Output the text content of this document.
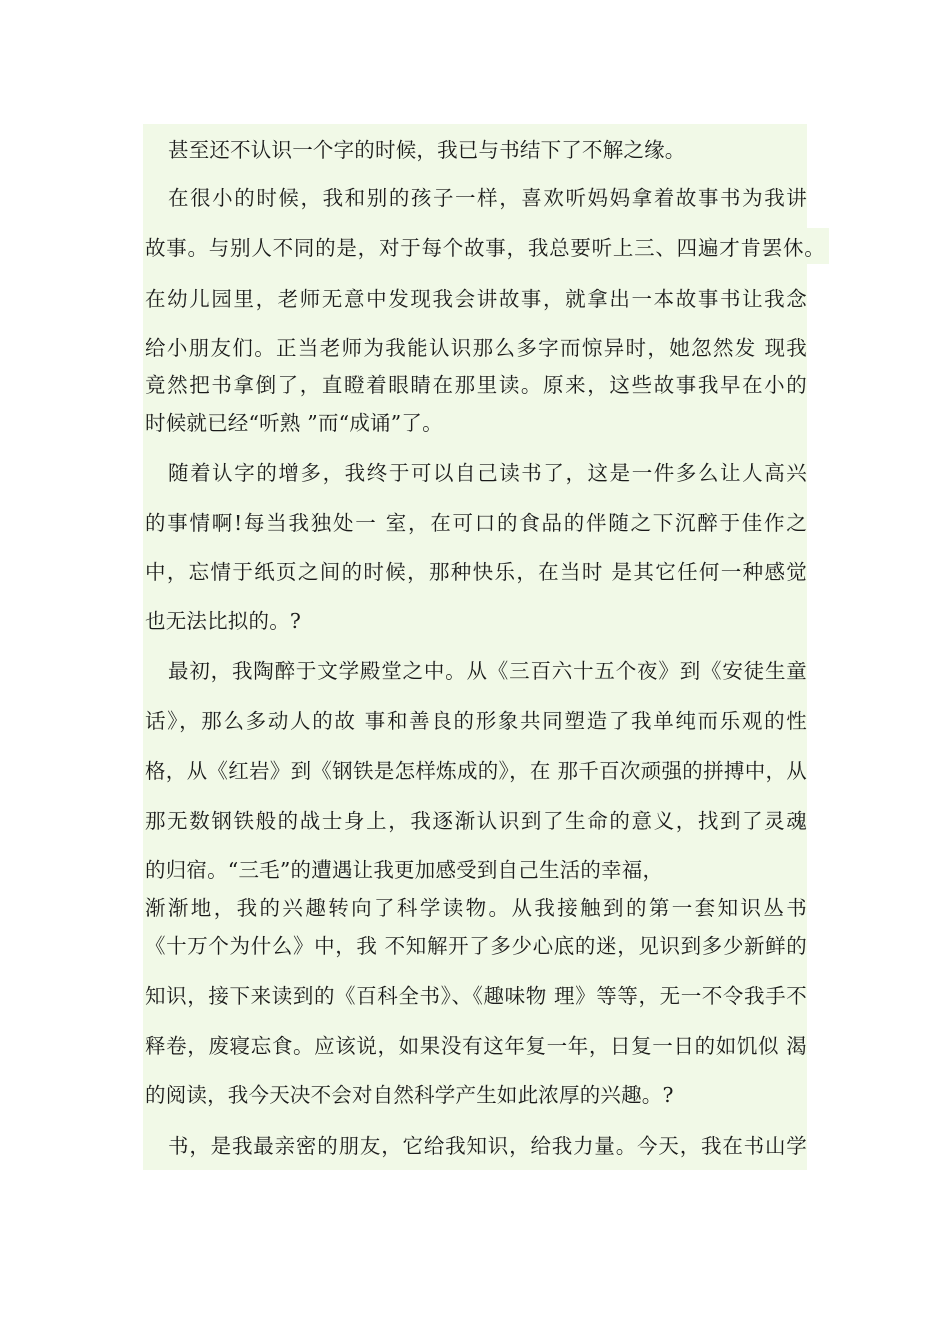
甚至还不认识一个字的时候，我已与书结下了不解之缘。
在很小的时候，我和别的孩子一样，喜欢听妈妈拿着故事书为我讲
故事。与别人不同的是，对于每个故事，我总要听上三、四遍才肯罢休。
在幼儿园里，老师无意中发现我会讲故事，就拿出一本故事书让我念
给小朋友们。正当老师为我能认识那么多字而惊异时，她忽然发 现我
竟然把书拿倒了，直瞪着眼睛在那里读。原来，这些故事我早在小的
时候就已经“听熟 ”而“成诵”了。
随着认字的增多，我终于可以自己读书了，这是一件多么让人高兴
的事情啊!每当我独处一 室，在可口的食品的伴随之下沉醉于佳作之
中，忘情于纸页之间的时候，那种快乐，在当时 是其它任何一种感觉
也无法比拟的。?
最初，我陶醉于文学殿堂之中。从《三百六十五个夜》到《安徒生童
话》，那么多动人的故 事和善良的形象共同塑造了我单纯而乐观的性
格，从《红岩》到《钢铁是怎样炼成的》，在 那千百次顽强的拼搏中，从
那无数钢铁般的战士身上，我逐渐认识到了生命的意义，找到了灵魂
的归宿。“三毛”的遭遇让我更加感受到自己生活的幸福，
渐渐地，我的兴趣转向了科学读物。从我接触到的第一套知识丛书
《十万个为什么》中，我 不知解开了多少心底的迷，见识到多少新鲜的
知识，接下来读到的《百科全书》、《趣味物 理》等等，无一不令我手不
释卷，废寝忘食。应该说，如果没有这年复一年，日复一日的如饥似 渴
的阅读，我今天决不会对自然科学产生如此浓厚的兴趣。?
书，是我最亲密的朋友，它给我知识，给我力量。今天，我在书山学
